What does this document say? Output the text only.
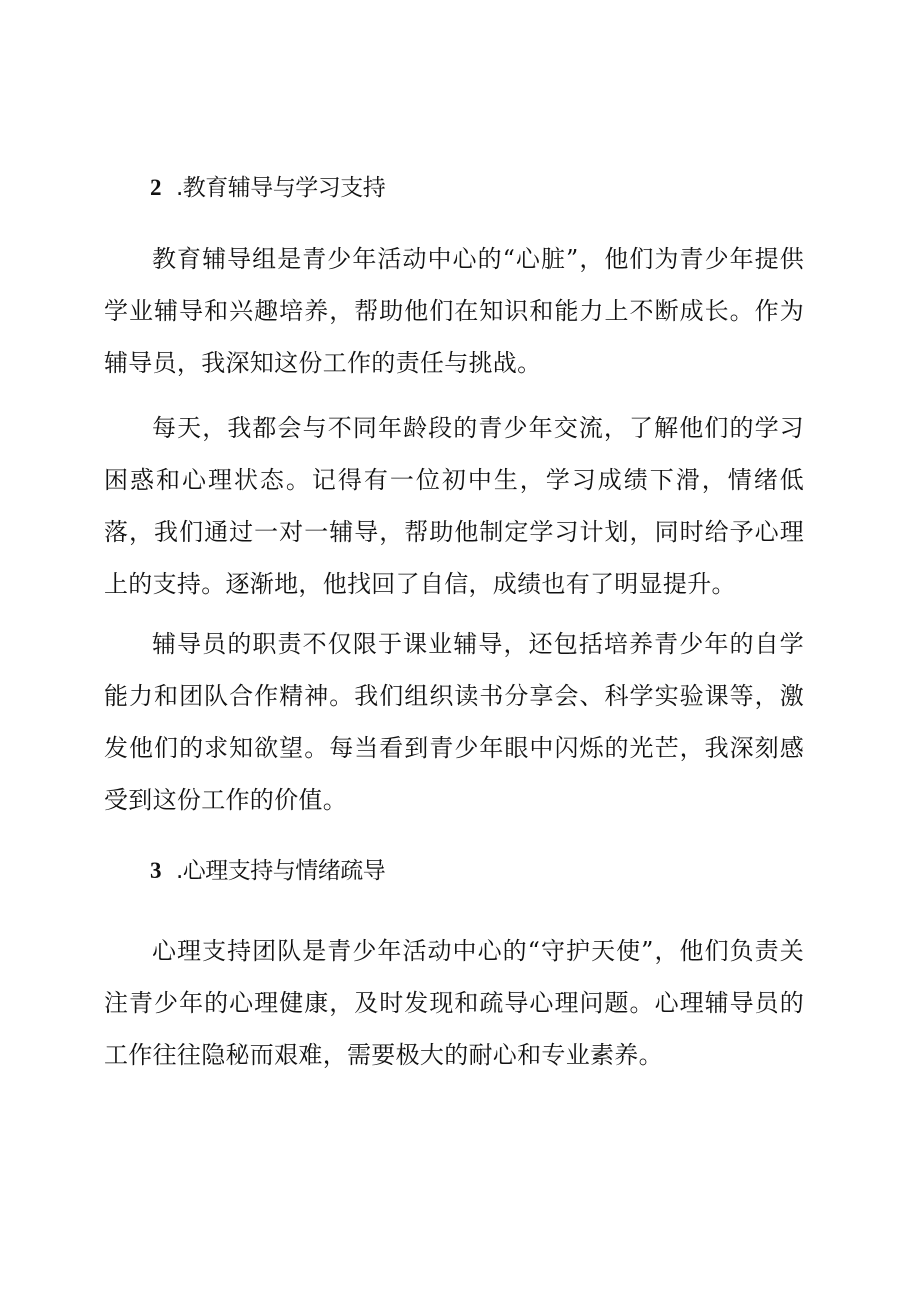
2 .教育辅导与学习支持

教育辅导组是青少年活动中心的“心脏”，他们为青少年提供学业辅导和兴趣培养，帮助他们在知识和能力上不断成长。作为辅导员，我深知这份工作的责任与挑战。

每天，我都会与不同年龄段的青少年交流，了解他们的学习困惑和心理状态。记得有一位初中生，学习成绩下滑，情绪低落，我们通过一对一辅导，帮助他制定学习计划，同时给予心理上的支持。逐渐地，他找回了自信，成绩也有了明显提升。

辅导员的职责不仅限于课业辅导，还包括培养青少年的自学能力和团队合作精神。我们组织读书分享会、科学实验课等，激发他们的求知欲望。每当看到青少年眼中闪烁的光芒，我深刻感受到这份工作的价值。

3 .心理支持与情绪疏导

心理支持团队是青少年活动中心的“守护天使”，他们负责关注青少年的心理健康，及时发现和疏导心理问题。心理辅导员的工作往往隐秘而艰难，需要极大的耐心和专业素养。
